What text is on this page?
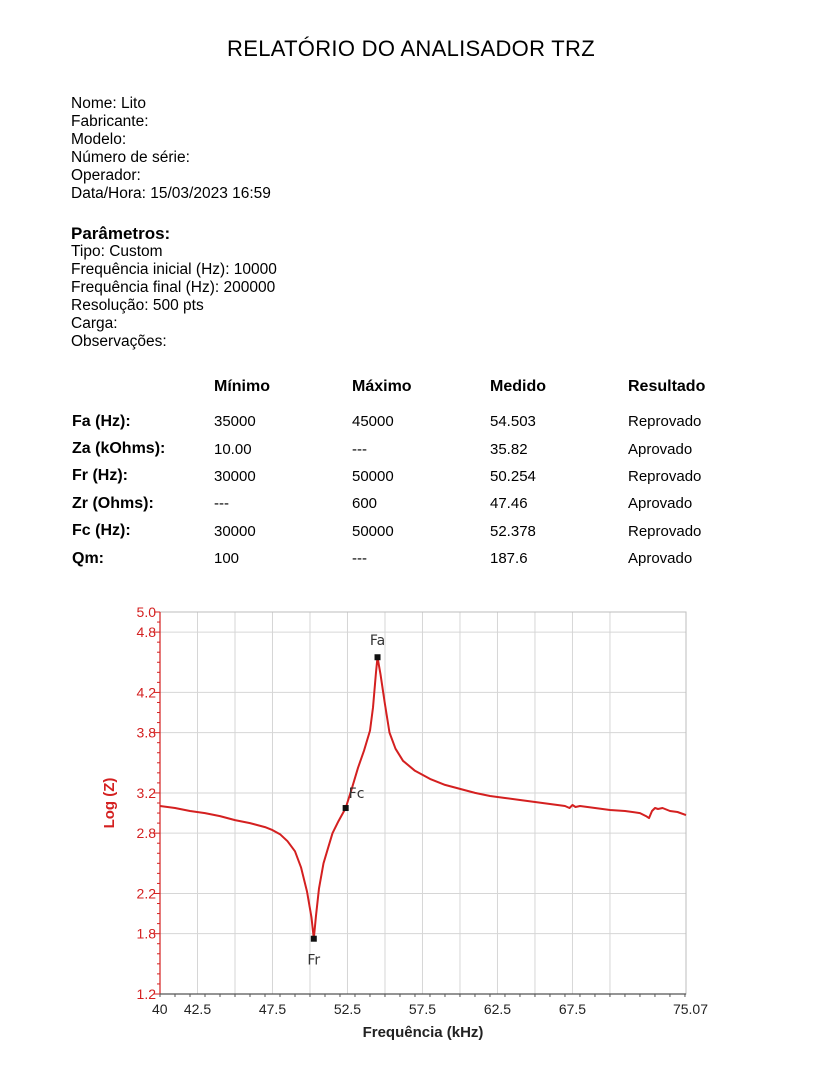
RELATÓRIO DO ANALISADOR TRZ
Nome: Lito
Fabricante:
Modelo:
Número de série:
Operador:
Data/Hora: 15/03/2023 16:59
Parâmetros:
Tipo: Custom
Frequência inicial (Hz): 10000
Frequência final (Hz): 200000
Resolução: 500 pts
Carga:
Observações:
	Mínimo	Máximo	Medido	Resultado
Fa (Hz):	35000	45000	54.503	Reprovado
Za (kOhms):	10.00	---	35.82	Aprovado
Fr (Hz):	30000	50000	50.254	Reprovado
Zr (Ohms):	---	600	47.46	Aprovado
Fc (Hz):	30000	50000	52.378	Reprovado
Qm:	100	---	187.6	Aprovado
1.2
1.8
2.2
2.8
3.2
3.8
4.2
4.8
5.0
40 42.5	47.5	52.5	57.5	62.5	67.5	75.07
Log (Z)
Frequência (kHz)
Fa
Fc
Fr
